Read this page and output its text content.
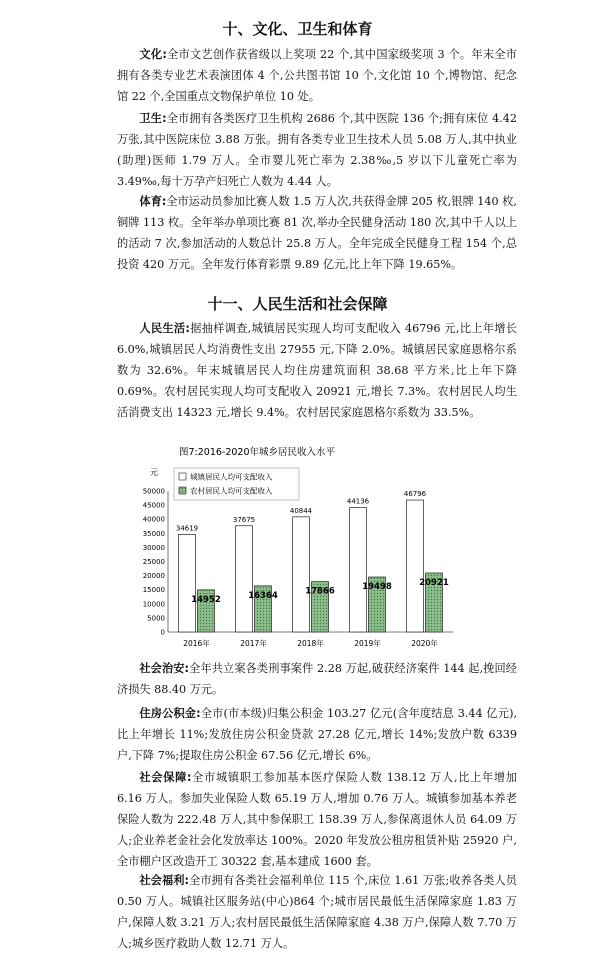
十、文化、卫生和体育

文化:全市文艺创作获省级以上奖项 22 个,其中国家级奖项 3 个。年末全市拥有各类专业艺术表演团体 4 个,公共图书馆 10 个,文化馆 10 个,博物馆、纪念馆 22 个,全国重点文物保护单位 10 处。

卫生:全市拥有各类医疗卫生机构 2686 个,其中医院 136 个;拥有床位 4.42 万张,其中医院床位 3.88 万张。拥有各类专业卫生技术人员 5.08 万人,其中执业(助理)医师 1.79 万人。全市婴儿死亡率为 2.38‰,5 岁以下儿童死亡率为 3.49‰,每十万孕产妇死亡人数为 4.44 人。

体育:全市运动员参加比赛人数 1.5 万人次,共获得金牌 205 枚,银牌 140 枚,铜牌 113 枚。全年举办单项比赛 81 次,举办全民健身活动 180 次,其中千人以上的活动 7 次,参加活动的人数总计 25.8 万人。全年完成全民健身工程 154 个,总投资 420 万元。全年发行体育彩票 9.89 亿元,比上年下降 19.65%。

十一、人民生活和社会保障

人民生活:据抽样调查,城镇居民实现人均可支配收入 46796 元,比上年增长 6.0%,城镇居民人均消费性支出 27955 元,下降 2.0%。城镇居民家庭恩格尔系数为 32.6%。年末城镇居民人均住房建筑面积 38.68 平方米,比上年下降 0.69%。农村居民实现人均可支配收入 20921 元,增长 7.3%。农村居民人均生活消费支出 14323 元,增长 9.4%。农村居民家庭恩格尔系数为 33.5%。

图7:2016-2020年城乡居民收入水平
元	城镇居民人均可支配收入
农村居民人均可支配收入
0
5000
10000
15000
20000
25000
30000
35000
40000
45000
50000
34619
14952
37675
16364
40844
17866
44136
19498
46796
20921
2016年	2017年	2018年	2019年	2020年

社会治安:全年共立案各类刑事案件 2.28 万起,破获经济案件 144 起,挽回经济损失 88.40 万元。

住房公积金:全市(市本级)归集公积金 103.27 亿元(含年度结息 3.44 亿元),比上年增长 11%;发放住房公积金贷款 27.28 亿元,增长 14%;发放户数 6339 户,下降 7%;提取住房公积金 67.56 亿元,增长 6%。

社会保障:全市城镇职工参加基本医疗保险人数 138.12 万人,比上年增加 6.16 万人。参加失业保险人数 65.19 万人,增加 0.76 万人。城镇参加基本养老保险人数为 222.48 万人,其中参保职工 158.39 万人,参保离退休人员 64.09 万人;企业养老金社会化发放率达 100%。2020 年发放公租房租赁补贴 25920 户,全市棚户区改造开工 30322 套,基本建成 1600 套。

社会福利:全市拥有各类社会福利单位 115 个,床位 1.61 万张;收养各类人员 0.50 万人。城镇社区服务站(中心)864 个;城市居民最低生活保障家庭 1.83 万户,保障人数 3.21 万人;农村居民最低生活保障家庭 4.38 万户,保障人数 7.70 万人;城乡医疗救助人数 12.71 万人。
